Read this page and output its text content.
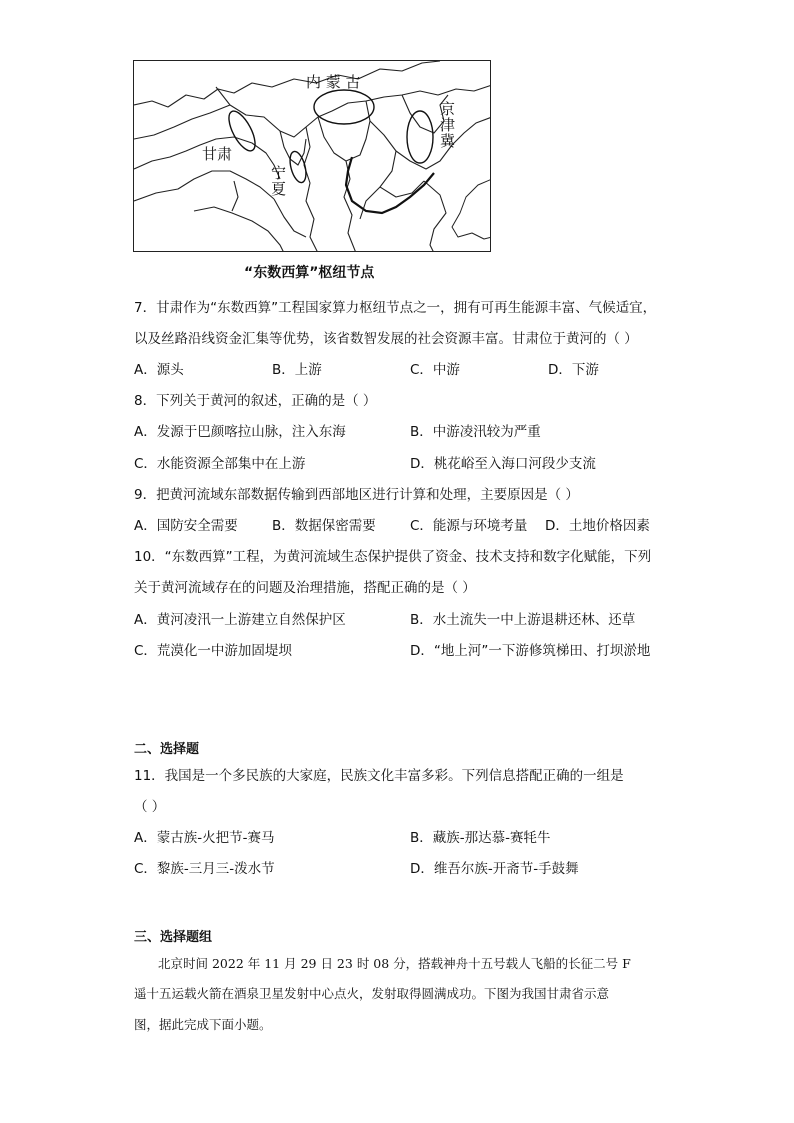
内 蒙 古
甘肃
宁夏
京津冀
“东数西算”枢纽节点
7．甘肃作为“东数西算”工程国家算力枢纽节点之一，拥有可再生能源丰富、气候适宜，
以及丝路沿线资金汇集等优势，该省数智发展的社会资源丰富。甘肃位于黄河的（ ）
A．源头	B．上游	C．中游	D．下游
8．下列关于黄河的叙述，正确的是（ ）
A．发源于巴颜喀拉山脉，注入东海	B．中游凌汛较为严重
C．水能资源全部集中在上游	D．桃花峪至入海口河段少支流
9．把黄河流域东部数据传输到西部地区进行计算和处理，主要原因是（ ）
A．国防安全需要	B．数据保密需要	C．能源与环境考量 D．土地价格因素
10．“东数西算”工程，为黄河流域生态保护提供了资金、技术支持和数字化赋能，下列
关于黄河流域存在的问题及治理措施，搭配正确的是（ ）
A．黄河凌汛一上游建立自然保护区	B．水土流失一中上游退耕还林、还草
C．荒漠化一中游加固堤坝	D．“地上河”一下游修筑梯田、打坝淤地
二、选择题
11．我国是一个多民族的大家庭，民族文化丰富多彩。下列信息搭配正确的一组是
（ ）
A．蒙古族-火把节-赛马	B．藏族-那达慕-赛牦牛
C．黎族-三月三-泼水节	D．维吾尔族-开斋节-手鼓舞
三、选择题组
北京时间 2022 年 11 月 29 日 23 时 08 分，搭载神舟十五号载人飞船的长征二号 F
遥十五运载火箭在酒泉卫星发射中心点火，发射取得圆满成功。下图为我国甘肃省示意
图，据此完成下面小题。
